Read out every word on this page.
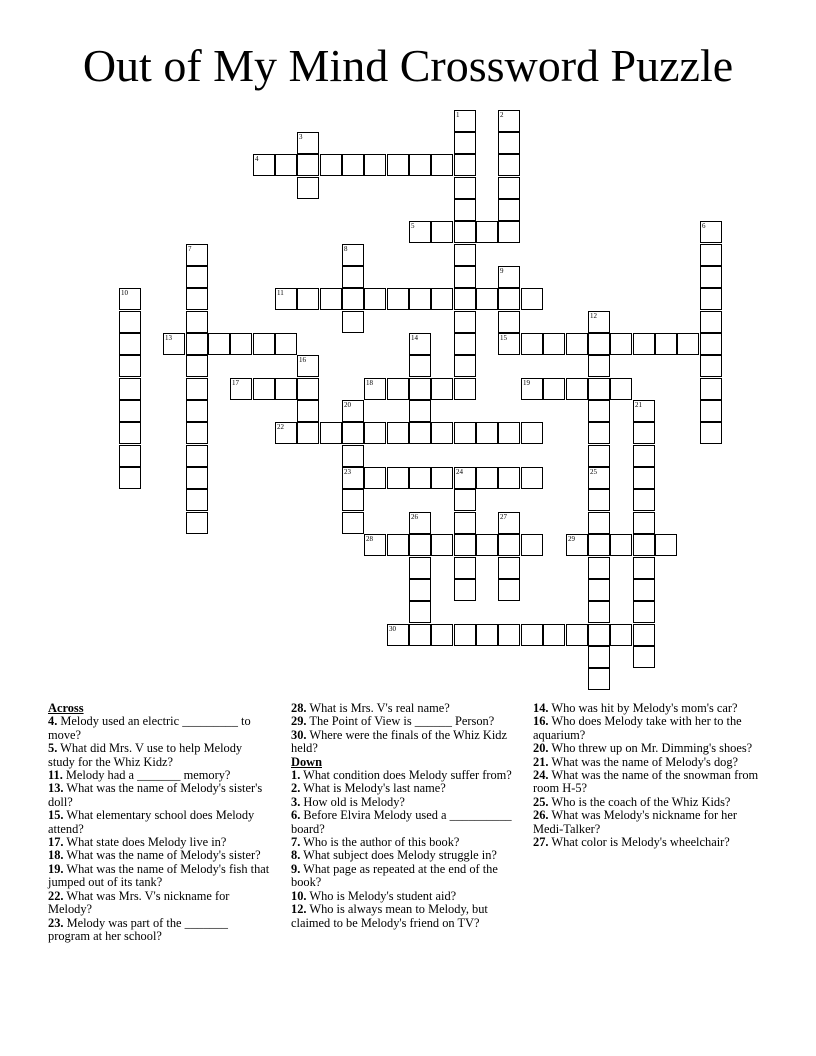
Out of My Mind Crossword Puzzle
1	2
3
4
5	6
7	8
9
10	11
12
13	14	15
16
17	18	19
20
23
21
22
24	25
26	27
28	29
30
Across
4. Melody used an electric _________ to move?
5. What did Mrs. V use to help Melody study for the Whiz Kidz?
11. Melody had a _______ memory?
13. What was the name of Melody's sister's doll?
15. What elementary school does Melody attend?
17. What state does Melody live in?
18. What was the name of Melody's sister?
19. What was the name of Melody's fish that jumped out of its tank?
22. What was Mrs. V's nickname for Melody?
23. Melody was part of the _______ program at her school?
28. What is Mrs. V's real name?
29. The Point of View is ______ Person?
30. Where were the finals of the Whiz Kidz held?
Down
1. What condition does Melody suffer from?
2. What is Melody's last name?
3. How old is Melody?
6. Before Elvira Melody used a __________ board?
7. Who is the author of this book?
8. What subject does Melody struggle in?
9. What page as repeated at the end of the book?
10. Who is Melody's student aid?
12. Who is always mean to Melody, but claimed to be Melody's friend on TV?
14. Who was hit by Melody's mom's car?
16. Who does Melody take with her to the aquarium?
20. Who threw up on Mr. Dimming's shoes?
21. What was the name of Melody's dog?
24. What was the name of the snowman from room H-5?
25. Who is the coach of the Whiz Kids?
26. What was Melody's nickname for her Medi-Talker?
27. What color is Melody's wheelchair?
